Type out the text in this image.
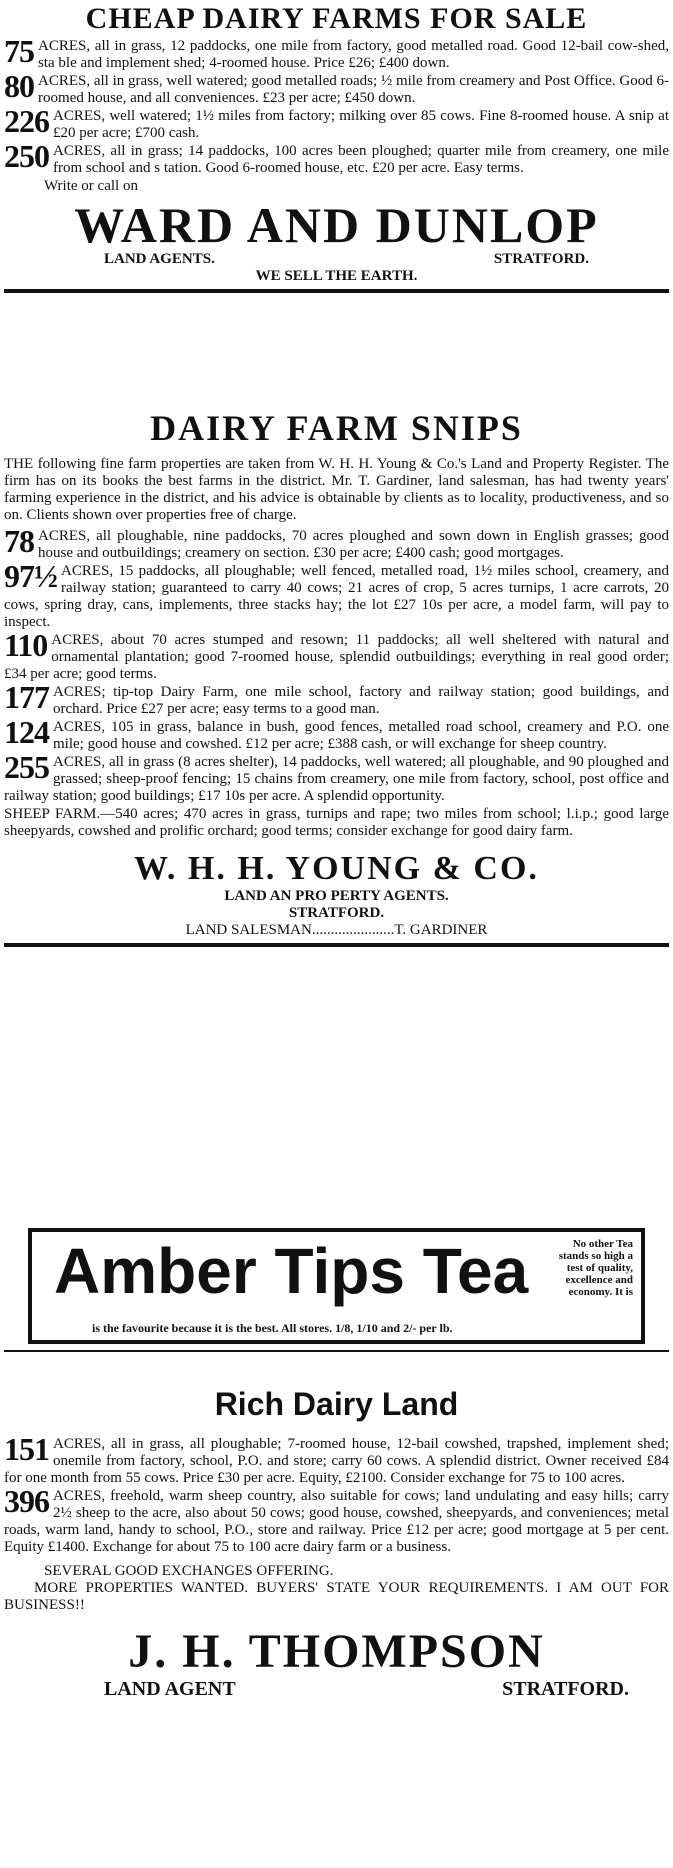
CHEAP DAIRY FARMS FOR SALE

75 ACRES, all in grass, 12 paddocks, one mile from factory, good metalled road. Good 12-bail cow-shed, sta ble and implement shed; 4-roomed house. Price £26; £400 down.

80 ACRES, all in grass, well watered; good metalled roads; ½ mile from creamery and Post Office. Good 6-roomed house, and all conveniences. £23 per acre; £450 down.

226 ACRES, well watered; 1½ miles from factory; milking over 85 cows. Fine 8-roomed house. A snip at £20 per acre; £700 cash.

250 ACRES, all in grass; 14 paddocks, 100 acres been ploughed; quarter mile from creamery, one mile from school and s tation. Good 6-roomed house, etc. £20 per acre. Easy terms.

Write or call on

WARD AND DUNLOP

LAND AGENTS.	STRATFORD.
WE SELL THE EARTH.

DAIRY FARM SNIPS

THE following fine farm properties are taken from W. H. H. Young & Co.'s Land and Property Register. The firm has on its books the best farms in the district. Mr. T. Gardiner, land salesman, has had twenty years' farming experience in the district, and his advice is obtainable by clients as to locality, productiveness, and so on. Clients shown over properties free of charge.

78 ACRES, all ploughable, nine paddocks, 70 acres ploughed and sown down in English grasses; good house and outbuildings; creamery on section. £30 per acre; £400 cash; good mortgages.

97½ ACRES, 15 paddocks, all ploughable; well fenced, metalled road, 1½ miles school, creamery, and railway station; guaranteed to carry 40 cows; 21 acres of crop, 5 acres turnips, 1 acre carrots, 20 cows, spring dray, cans, implements, three stacks hay; the lot £27 10s per acre, a model farm, will pay to inspect.

110 ACRES, about 70 acres stumped and resown; 11 paddocks; all well sheltered with natural and ornamental plantation; good 7-roomed house, splendid outbuildings; everything in real good order; £34 per acre; good terms.

177 ACRES; tip-top Dairy Farm, one mile school, factory and railway station; good buildings, and orchard. Price £27 per acre; easy terms to a good man.

124 ACRES, 105 in grass, balance in bush, good fences, metalled road school, creamery and P.O. one mile; good house and cowshed. £12 per acre; £388 cash, or will exchange for sheep country.

255 ACRES, all in grass (8 acres shelter), 14 paddocks, well watered; all ploughable, and 90 ploughed and grassed; sheep-proof fencing; 15 chains from creamery, one mile from factory, school, post office and railway station; good buildings; £17 10s per acre. A splendid opportunity.

SHEEP FARM.—540 acres; 470 acres in grass, turnips and rape; two miles from school; l.i.p.; good large sheepyards, cowshed and prolific orchard; good terms; consider exchange for good dairy farm.

W. H. H. YOUNG & CO.

LAND AN PRO PERTY AGENTS.
STRATFORD.
LAND SALESMAN......................T. GARDINER
Amber Tips Tea	No other Tea stands so high a test of quality, excellence and economy. It is
is the favourite because it is the best. All stores. 1/8, 1/10 and 2/- per lb.

Rich Dairy Land

151 ACRES, all in grass, all ploughable; 7-roomed house, 12-bail cowshed, trapshed, implement shed; onemile from factory, school, P.O. and store; carry 60 cows. A splendid district. Owner received £84 for one month from 55 cows. Price £30 per acre. Equity, £2100. Consider exchange for 75 to 100 acres.

396 ACRES, freehold, warm sheep country, also suitable for cows; land undulating and easy hills; carry 2½ sheep to the acre, also about 50 cows; good house, cowshed, sheepyards, and conveniences; metal roads, warm land, handy to school, P.O., store and railway. Price £12 per acre; good mortgage at 5 per cent. Equity £1400. Exchange for about 75 to 100 acre dairy farm or a business.

SEVERAL GOOD EXCHANGES OFFERING.

MORE PROPERTIES WANTED. BUYERS' STATE YOUR REQUIREMENTS. I AM OUT FOR BUSINESS!!

J. H. THOMPSON

LAND AGENT	STRATFORD.
